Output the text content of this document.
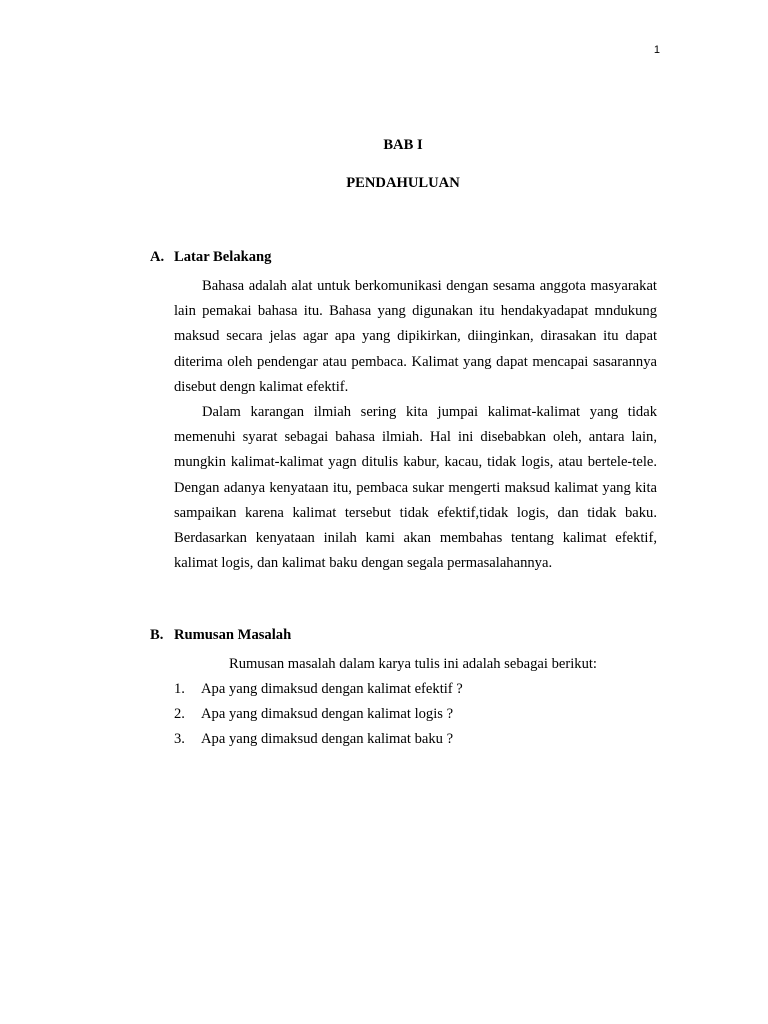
1
BAB I
PENDAHULUAN
A. Latar Belakang

Bahasa adalah alat untuk berkomunikasi dengan sesama anggota masyarakat lain pemakai bahasa itu. Bahasa yang digunakan itu hendakyadapat mndukung maksud secara jelas agar apa yang dipikirkan, diinginkan, dirasakan itu dapat diterima oleh pendengar atau pembaca. Kalimat yang dapat mencapai sasarannya disebut dengn kalimat efektif.

Dalam karangan ilmiah sering kita jumpai kalimat-kalimat yang tidak memenuhi syarat sebagai bahasa ilmiah. Hal ini disebabkan oleh, antara lain, mungkin kalimat-kalimat yagn ditulis kabur, kacau, tidak logis, atau bertele-tele. Dengan adanya kenyataan itu, pembaca sukar mengerti maksud kalimat yang kita sampaikan karena kalimat tersebut tidak efektif,tidak logis, dan tidak baku. Berdasarkan kenyataan inilah kami akan membahas tentang kalimat efektif, kalimat logis, dan kalimat baku dengan segala permasalahannya.

B. Rumusan Masalah

Rumusan masalah dalam karya tulis ini adalah sebagai berikut:

1. Apa yang dimaksud dengan kalimat efektif ?
2. Apa yang dimaksud dengan kalimat logis ?
3. Apa yang dimaksud dengan kalimat baku ?
